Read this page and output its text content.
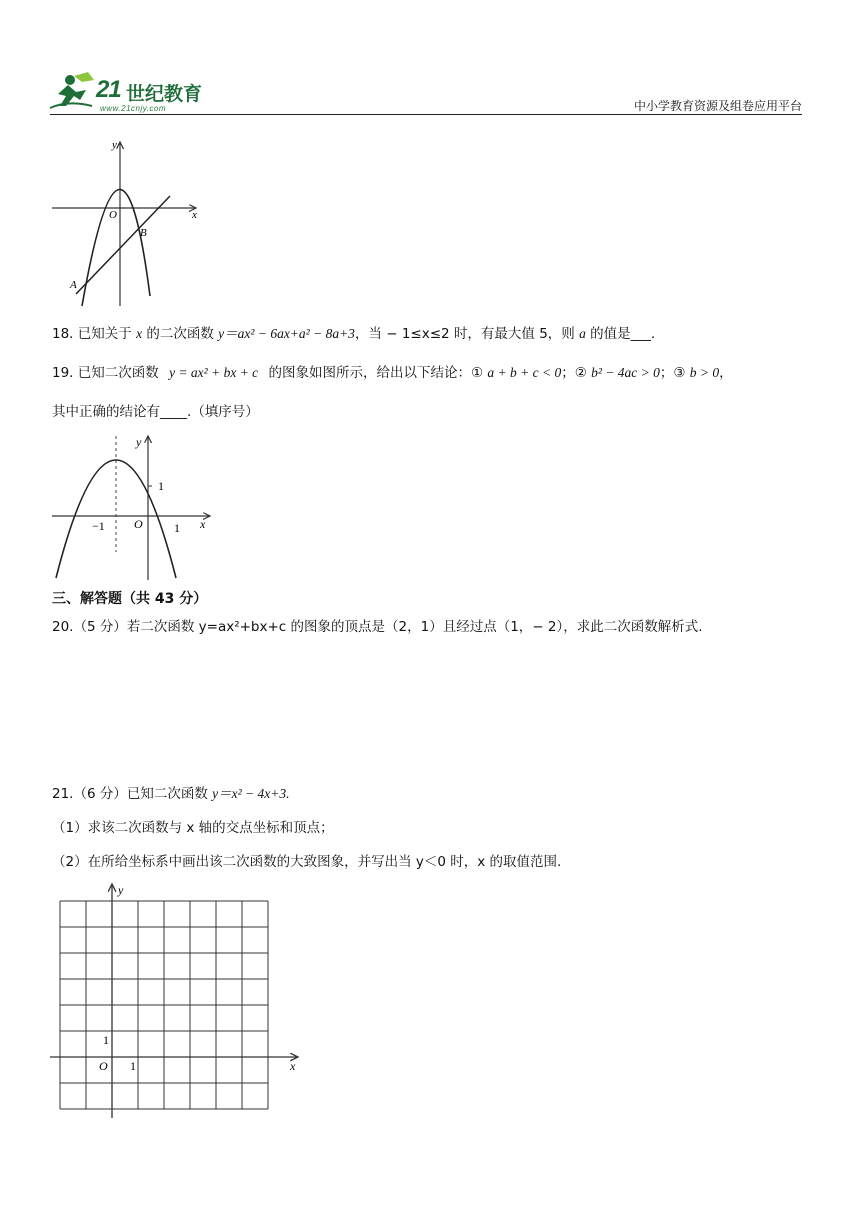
21 世纪教育
www.21cnjy.com	中小学教育资源及组卷应用平台
x
y
O
A
B
18. 已知关于 x 的二次函数 y＝ax² − 6ax+a² − 8a+3，当 − 1≤x≤2 时，有最大值 5，则 a 的值是___.
19. 已知二次函数 y = ax² + bx + c 的图象如图所示，给出以下结论：① a + b + c < 0；② b² − 4ac > 0；③ b > 0，
其中正确的结论有____.（填序号）
x
y
O
−1	1
1
三、解答题（共 43 分）
20.（5 分）若二次函数 y=ax²+bx+c 的图象的顶点是（2，1）且经过点（1，− 2），求此二次函数解析式.
21.（6 分）已知二次函数 y＝x² − 4x+3.
（1）求该二次函数与 x 轴的交点坐标和顶点；
（2）在所给坐标系中画出该二次函数的大致图象，并写出当 y＜0 时，x 的取值范围.
x
y
O 1
1
